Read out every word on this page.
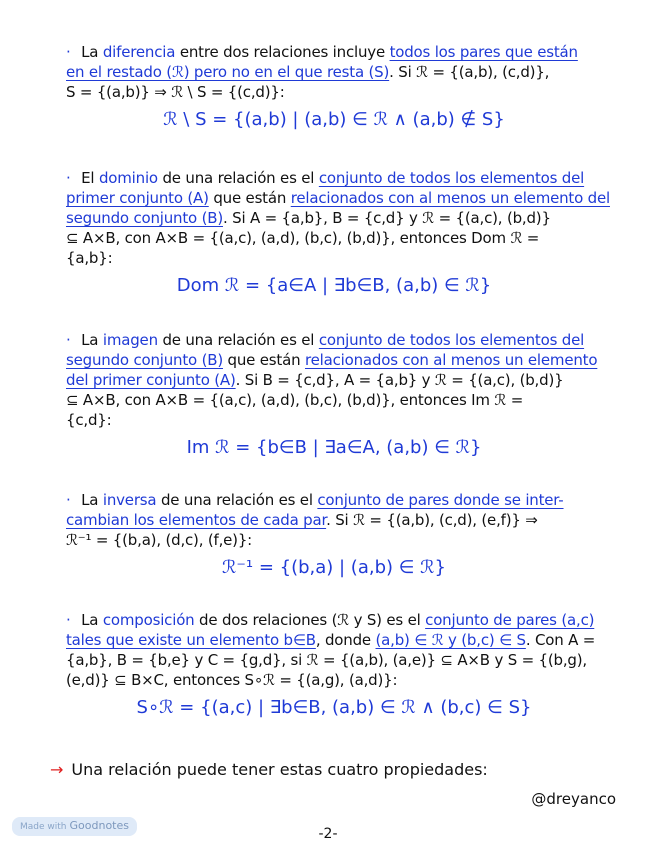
· La diferencia entre dos relaciones incluye todos los pares que están
en el restado (ℛ) pero no en el que resta (S). Si ℛ = {(a,b), (c,d)},
S = {(a,b)} ⇒ ℛ \ S = {(c,d)}:
ℛ \ S = {(a,b) | (a,b) ∈ ℛ ∧ (a,b) ∉ S}
· El dominio de una relación es el conjunto de todos los elementos del
primer conjunto (A) que están relacionados con al menos un elemento del
segundo conjunto (B). Si A = {a,b}, B = {c,d} y ℛ = {(a,c), (b,d)}
⊆ A×B, con A×B = {(a,c), (a,d), (b,c), (b,d)}, entonces Dom ℛ =
{a,b}:
Dom ℛ = {a∈A | ∃b∈B, (a,b) ∈ ℛ}
· La imagen de una relación es el conjunto de todos los elementos del
segundo conjunto (B) que están relacionados con al menos un elemento
del primer conjunto (A). Si B = {c,d}, A = {a,b} y ℛ = {(a,c), (b,d)}
⊆ A×B, con A×B = {(a,c), (a,d), (b,c), (b,d)}, entonces Im ℛ =
{c,d}:
Im ℛ = {b∈B | ∃a∈A, (a,b) ∈ ℛ}
· La inversa de una relación es el conjunto de pares donde se inter-
cambian los elementos de cada par. Si ℛ = {(a,b), (c,d), (e,f)} ⇒
ℛ⁻¹ = {(b,a), (d,c), (f,e)}:
ℛ⁻¹ = {(b,a) | (a,b) ∈ ℛ}
· La composición de dos relaciones (ℛ y S) es el conjunto de pares (a,c)
tales que existe un elemento b∈B, donde (a,b) ∈ ℛ y (b,c) ∈ S. Con A =
{a,b}, B = {b,e} y C = {g,d}, si ℛ = {(a,b), (a,e)} ⊆ A×B y S = {(b,g),
(e,d)} ⊆ B×C, entonces S∘ℛ = {(a,g), (a,d)}:
S∘ℛ = {(a,c) | ∃b∈B, (a,b) ∈ ℛ ∧ (b,c) ∈ S}
→ Una relación puede tener estas cuatro propiedades:
@dreyanco
Made with Goodnotes
-2-
